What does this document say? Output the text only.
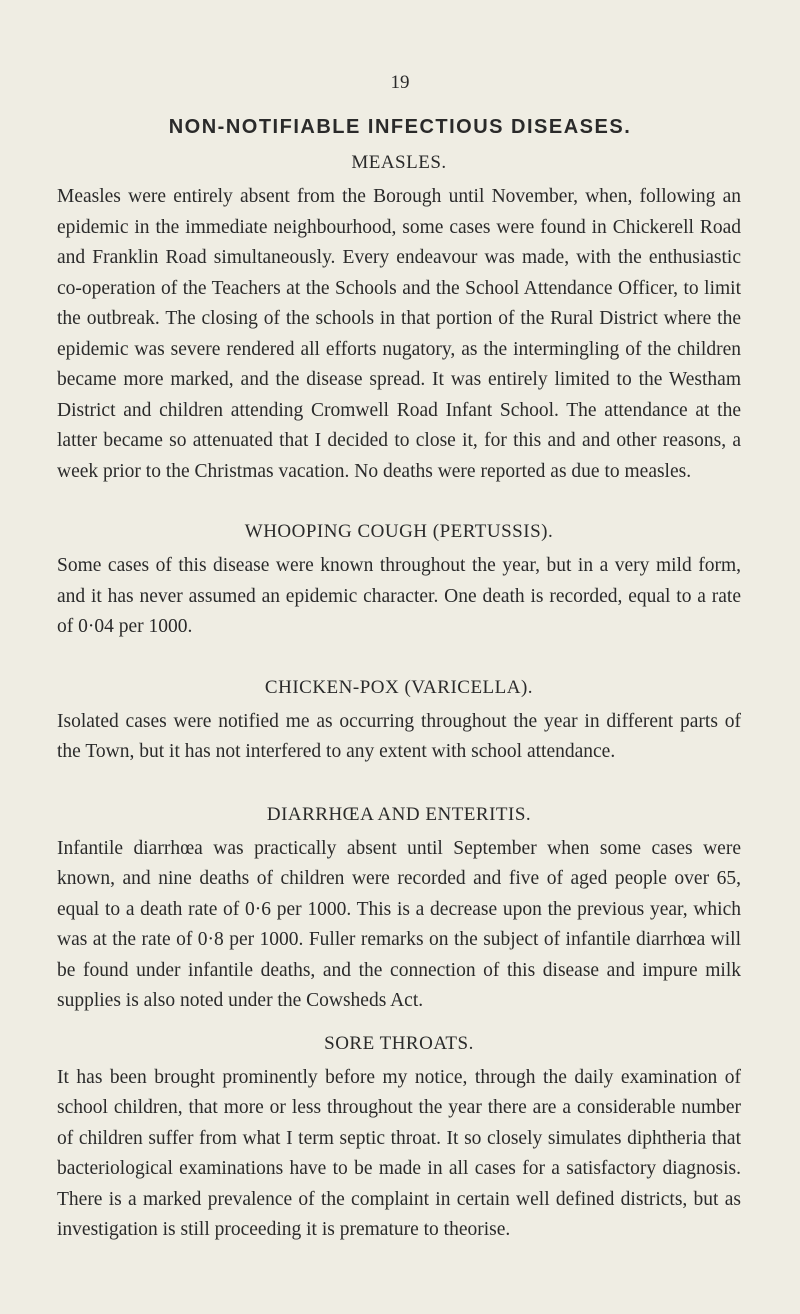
19
NON-NOTIFIABLE INFECTIOUS DISEASES.
MEASLES.

Measles were entirely absent from the Borough until November, when, following an epidemic in the immediate neighbourhood, some cases were found in Chickerell Road and Franklin Road simultaneously. Every endeavour was made, with the enthusiastic co-operation of the Teachers at the Schools and the School Attendance Officer, to limit the outbreak. The closing of the schools in that portion of the Rural District where the epidemic was severe rendered all efforts nugatory, as the intermingling of the children became more marked, and the disease spread. It was entirely limited to the Westham District and children attending Cromwell Road Infant School. The attendance at the latter became so attenuated that I decided to close it, for this and and other reasons, a week prior to the Christmas vacation. No deaths were reported as due to measles.

WHOOPING COUGH (PERTUSSIS).

Some cases of this disease were known throughout the year, but in a very mild form, and it has never assumed an epidemic character. One death is recorded, equal to a rate of 0·04 per 1000.

CHICKEN-POX (VARICELLA).

Isolated cases were notified me as occurring throughout the year in different parts of the Town, but it has not interfered to any extent with school attendance.

DIARRHŒA AND ENTERITIS.

Infantile diarrhœa was practically absent until September when some cases were known, and nine deaths of children were recorded and five of aged people over 65, equal to a death rate of 0·6 per 1000. This is a decrease upon the previous year, which was at the rate of 0·8 per 1000. Fuller remarks on the subject of infantile diarrhœa will be found under infantile deaths, and the connection of this disease and impure milk supplies is also noted under the Cowsheds Act.

SORE THROATS.

It has been brought prominently before my notice, through the daily examination of school children, that more or less throughout the year there are a considerable number of children suffer from what I term septic throat. It so closely simulates diphtheria that bacteriological examinations have to be made in all cases for a satisfactory diagnosis. There is a marked prevalence of the complaint in certain well defined districts, but as investigation is still proceeding it is premature to theorise.
